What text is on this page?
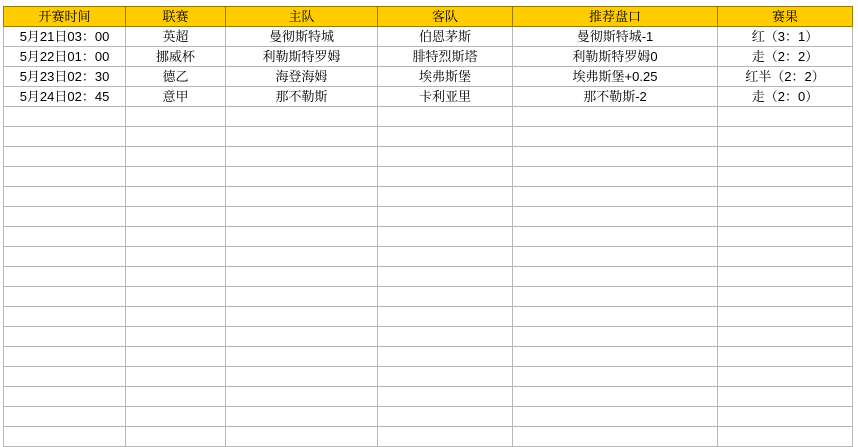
开赛时间	联赛	主队	客队	推荐盘口	赛果
5月21日03：00	英超	曼彻斯特城	伯恩茅斯	曼彻斯特城-1	红（3：1）
5月22日01：00	挪威杯	利勒斯特罗姆	腓特烈斯塔	利勒斯特罗姆0	走（2：2）
5月23日02：30	德乙	海登海姆	埃弗斯堡	埃弗斯堡+0.25	红半（2：2）
5月24日02：45	意甲	那不勒斯	卡利亚里	那不勒斯-2	走（2：0）
